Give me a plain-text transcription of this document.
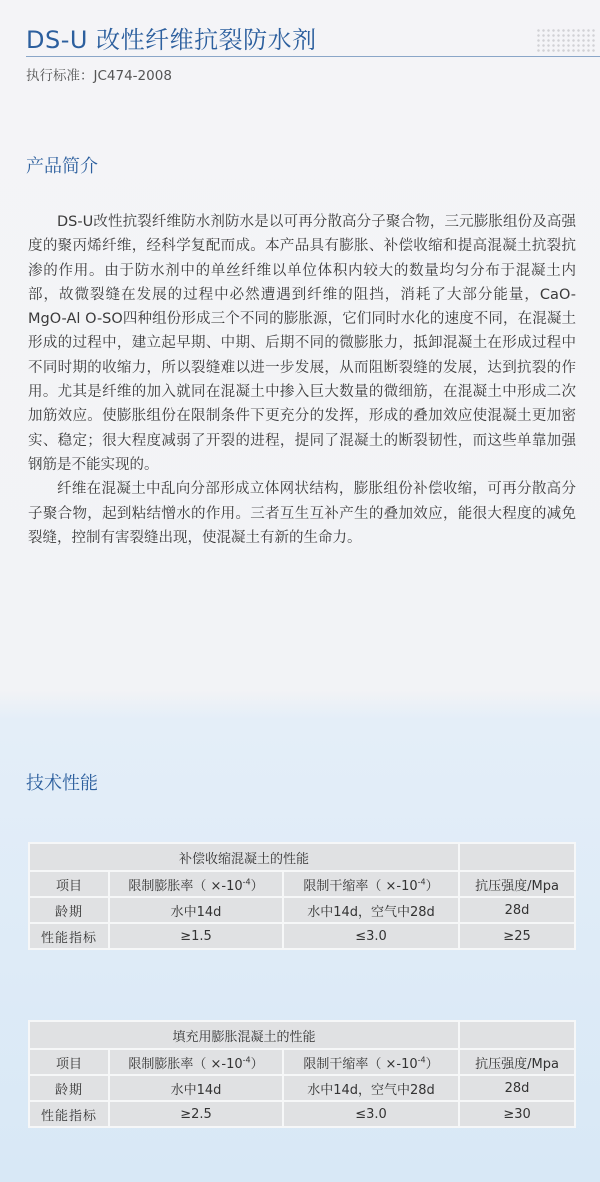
DS-U 改性纤维抗裂防水剂
执行标准：JC474-2008
产品简介

DS-U改性抗裂纤维防水剂防水是以可再分散高分子聚合物，三元膨胀组份及高强度的聚丙烯纤维，经科学复配而成。本产品具有膨胀、补偿收缩和提高混凝土抗裂抗渗的作用。由于防水剂中的单丝纤维以单位体积内较大的数量均匀分布于混凝土内部，故微裂缝在发展的过程中必然遭遇到纤维的阻挡，消耗了大部分能量，CaO-MgO-Al O-SO四种组份形成三个不同的膨胀源，它们同时水化的速度不同，在混凝土形成的过程中，建立起早期、中期、后期不同的微膨胀力，抵卸混凝土在形成过程中不同时期的收缩力，所以裂缝难以进一步发展，从而阻断裂缝的发展，达到抗裂的作用。尤其是纤维的加入就同在混凝土中掺入巨大数量的微细筋，在混凝土中形成二次加筋效应。使膨胀组份在限制条件下更充分的发挥，形成的叠加效应使混凝土更加密实、稳定；很大程度减弱了开裂的进程，提同了混凝土的断裂韧性，而这些单靠加强钢筋是不能实现的。

纤维在混凝土中乱向分部形成立体网状结构，膨胀组份补偿收缩，可再分散高分子聚合物，起到粘结憎水的作用。三者互生互补产生的叠加效应，能很大程度的减免裂缝，控制有害裂缝出现，使混凝土有新的生命力。

技术性能
补偿收缩混凝土的性能			
项目	限制膨胀率（ $\times-10^{-4}$）	限制干缩率（ $\times-10^{-4}$）	抗压强度/Mpa
龄期	水中14d	水中14d，空气中28d	28d
性能指标	≥1.5	≤3.0	≥25
填充用膨胀混凝土的性能			
项目	限制膨胀率（ $\times-10^{-4}$）	限制干缩率（ $\times-10^{-4}$）	抗压强度/Mpa
龄期	水中14d	水中14d，空气中28d	28d
性能指标	≥2.5	≤3.0	≥30
